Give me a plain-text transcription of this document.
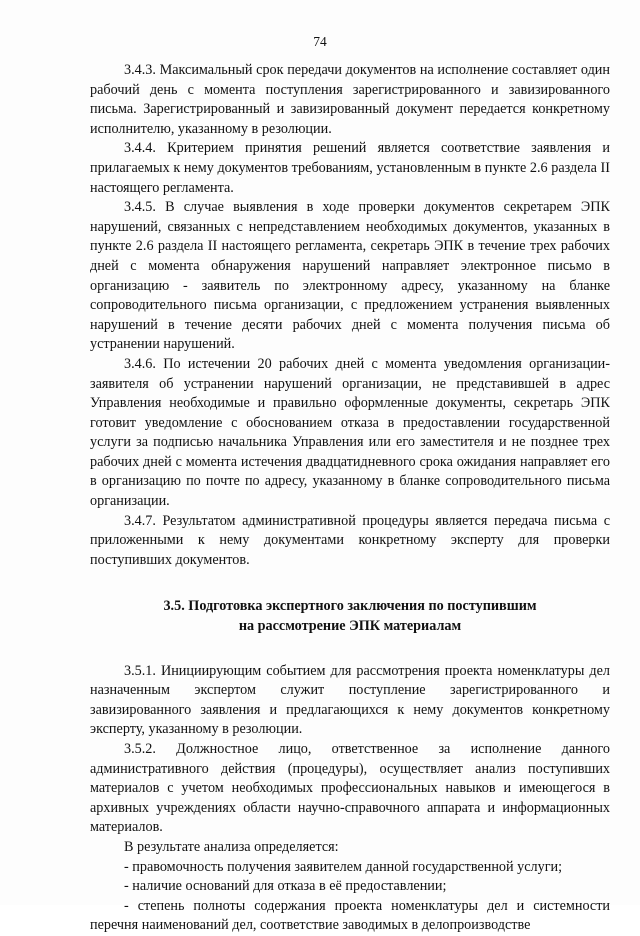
74

3.4.3. Максимальный срок передачи документов на исполнение составляет один рабочий день с момента поступления зарегистрированного и завизированного письма. Зарегистрированный и завизированный документ передается конкретному исполнителю, указанному в резолюции.

3.4.4. Критерием принятия решений является соответствие заявления и прилагаемых к нему документов требованиям, установленным в пункте 2.6 раздела II настоящего регламента.

3.4.5. В случае выявления в ходе проверки документов секретарем ЭПК нарушений, связанных с непредставлением необходимых документов, указанных в пункте 2.6 раздела II настоящего регламента, секретарь ЭПК в течение трех рабочих дней с момента обнаружения нарушений направляет электронное письмо в организацию - заявитель по электронному адресу, указанному на бланке сопроводительного письма организации, с предложением устранения выявленных нарушений в течение десяти рабочих дней с момента получения письма об устранении нарушений.

3.4.6. По истечении 20 рабочих дней с момента уведомления организации-заявителя об устранении нарушений организации, не представившей в адрес Управления необходимые и правильно оформленные документы, секретарь ЭПК готовит уведомление с обоснованием отказа в предоставлении государственной услуги за подписью начальника Управления или его заместителя и не позднее трех рабочих дней с момента истечения двадцатидневного срока ожидания направляет его в организацию по почте по адресу, указанному в бланке сопроводительного письма организации.

3.4.7. Результатом административной процедуры является передача письма с приложенными к нему документами конкретному эксперту для проверки поступивших документов.

3.5. Подготовка экспертного заключения по поступившим
на рассмотрение ЭПК материалам

3.5.1. Инициирующим событием для рассмотрения проекта номенклатуры дел назначенным экспертом служит поступление зарегистрированного и завизированного заявления и предлагающихся к нему документов конкретному эксперту, указанному в резолюции.

3.5.2. Должностное лицо, ответственное за исполнение данного административного действия (процедуры), осуществляет анализ поступивших материалов с учетом необходимых профессиональных навыков и имеющегося в архивных учреждениях области научно-справочного аппарата и информационных материалов.

В результате анализа определяется:

- правомочность получения заявителем данной государственной услуги;

- наличие оснований для отказа в её предоставлении;

- степень полноты содержания проекта номенклатуры дел и системности перечня наименований дел, соответствие заводимых в делопроизводстве
